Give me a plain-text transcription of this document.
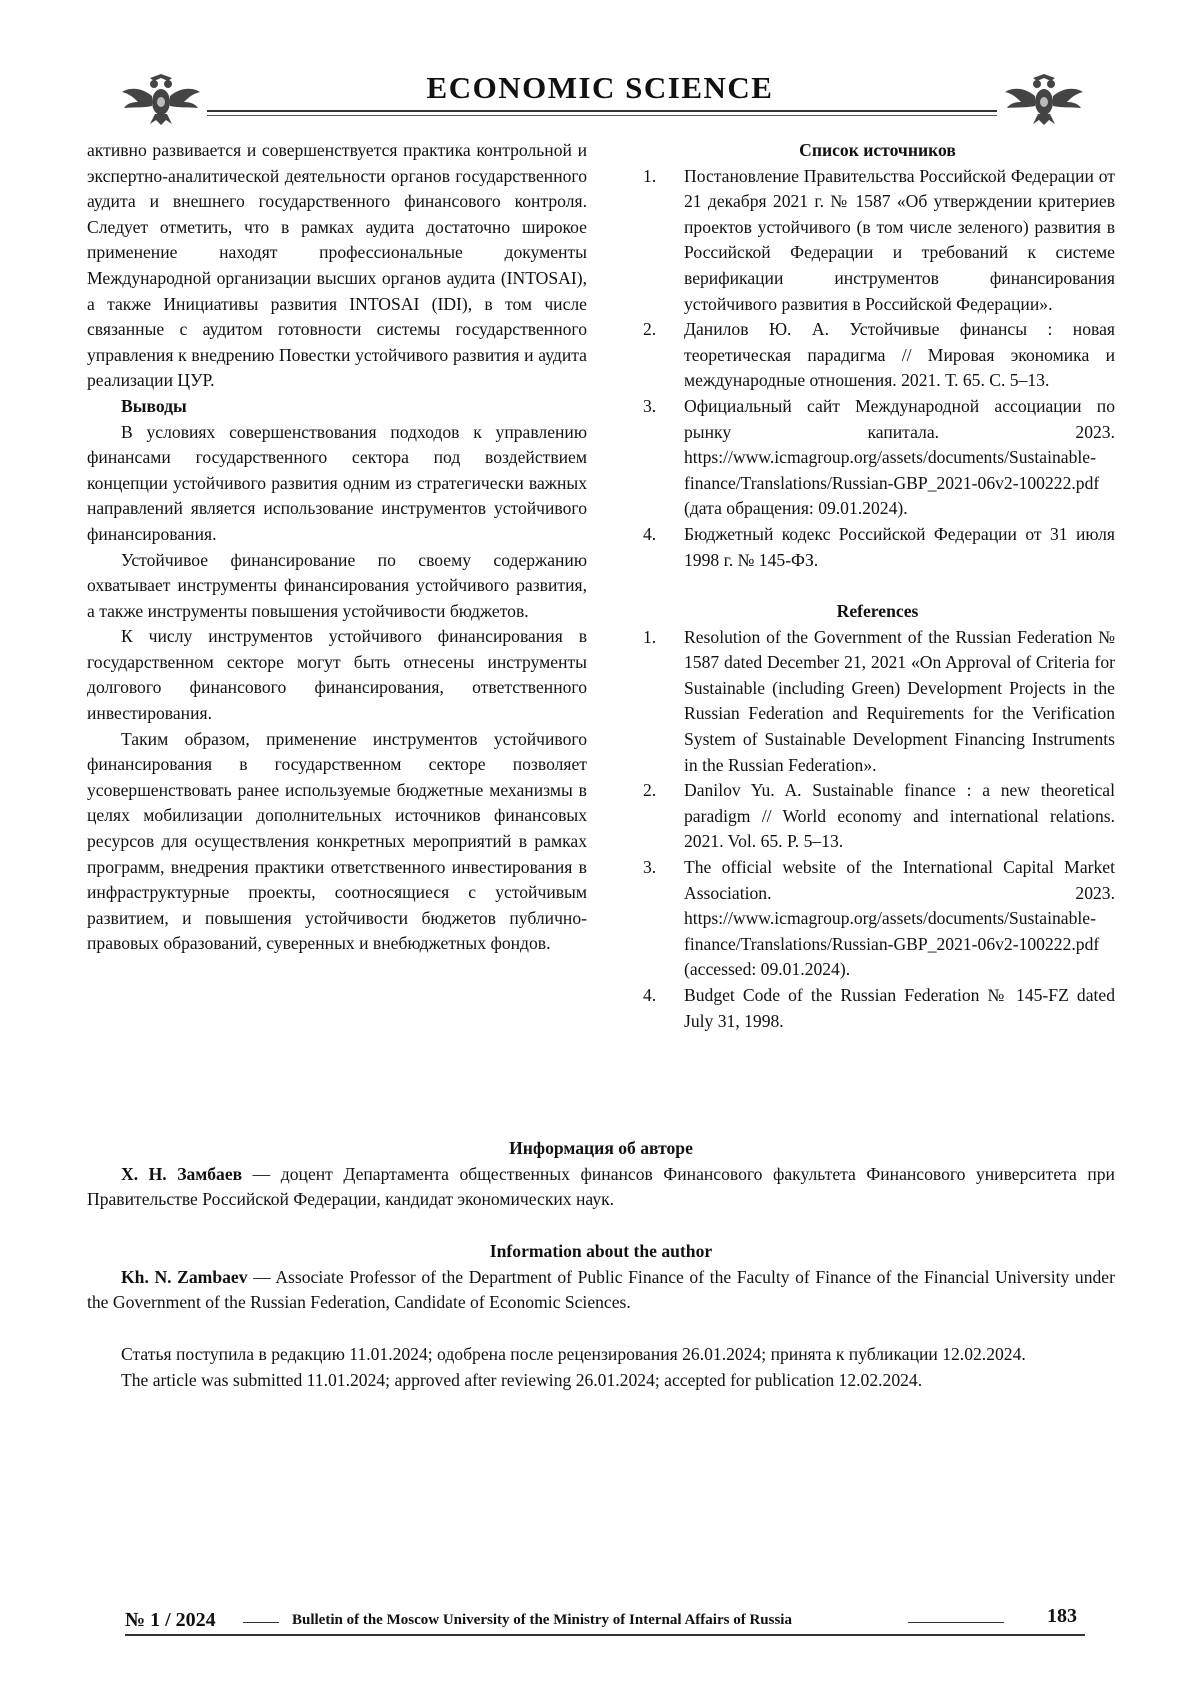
ECONOMIC SCIENCE

активно развивается и совершенствуется практика контрольной и экспертно-аналитической деятельности органов государственного аудита и внешнего государственного финансового контроля. Следует отметить, что в рамках аудита достаточно широкое применение находят профессиональные документы Международной организации высших органов аудита (INTOSAI), а также Инициативы развития INTOSAI (IDI), в том числе связанные с аудитом готовности системы государственного управления к внедрению Повестки устойчивого развития и аудита реализации ЦУР.

Выводы

В условиях совершенствования подходов к управлению финансами государственного сектора под воздействием концепции устойчивого развития одним из стратегически важных направлений является использование инструментов устойчивого финансирования.

Устойчивое финансирование по своему содержанию охватывает инструменты финансирования устойчивого развития, а также инструменты повышения устойчивости бюджетов.

К числу инструментов устойчивого финансирования в государственном секторе могут быть отнесены инструменты долгового финансового финансирования, ответственного инвестирования.

Таким образом, применение инструментов устойчивого финансирования в государственном секторе позволяет усовершенствовать ранее используемые бюджетные механизмы в целях мобилизации дополнительных источников финансовых ресурсов для осуществления конкретных мероприятий в рамках программ, внедрения практики ответственного инвестирования в инфраструктурные проекты, соотносящиеся с устойчивым развитием, и повышения устойчивости бюджетов публично-правовых образований, суверенных и внебюджетных фондов.

Список источников

1. Постановление Правительства Российской Федерации от 21 декабря 2021 г. № 1587 «Об утверждении критериев проектов устойчивого (в том числе зеленого) развития в Российской Федерации и требований к системе верификации инструментов финансирования устойчивого развития в Российской Федерации».
2. Данилов Ю. А. Устойчивые финансы : новая теоретическая парадигма // Мировая экономика и международные отношения. 2021. Т. 65. С. 5–13.
3. Официальный сайт Международной ассоциации по рынку капитала. 2023. https://www.icmagroup.org/assets/documents/Sustainable-finance/Translations/Russian-GBP_2021-06v2-100222.pdf (дата обращения: 09.01.2024).
4. Бюджетный кодекс Российской Федерации от 31 июля 1998 г. № 145-ФЗ.

References

1. Resolution of the Government of the Russian Federation № 1587 dated December 21, 2021 «On Approval of Criteria for Sustainable (including Green) Development Projects in the Russian Federation and Requirements for the Verification System of Sustainable Development Financing Instruments in the Russian Federation».
2. Danilov Yu. A. Sustainable finance : a new theoretical paradigm // World economy and international relations. 2021. Vol. 65. P. 5–13.
3. The official website of the International Capital Market Association. 2023. https://www.icmagroup.org/assets/documents/Sustainable-finance/Translations/Russian-GBP_2021-06v2-100222.pdf (accessed: 09.01.2024).
4. Budget Code of the Russian Federation № 145-FZ dated July 31, 1998.

Информация об авторе

Х. Н. Замбаев — доцент Департамента общественных финансов Финансового факультета Финансового университета при Правительстве Российской Федерации, кандидат экономических наук.

Information about the author

Kh. N. Zambaev — Associate Professor of the Department of Public Finance of the Faculty of Finance of the Financial University under the Government of the Russian Federation, Candidate of Economic Sciences.

Статья поступила в редакцию 11.01.2024; одобрена после рецензирования 26.01.2024; принята к публикации 12.02.2024.

The article was submitted 11.01.2024; approved after reviewing 26.01.2024; accepted for publication 12.02.2024.

№ 1 / 2024	Bulletin of the Moscow University of the Ministry of Internal Affairs of Russia	183
